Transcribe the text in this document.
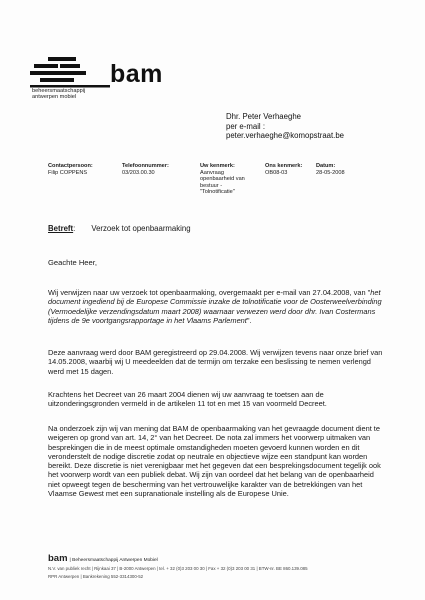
bam
beheersmaatschappij
antwerpen mobiel
Dhr. Peter Verhaeghe
per e-mail :
peter.verhaeghe@komopstraat.be
Contactpersoon:
Filip COPPENS
Telefoonnummer:
03/203.00.30
Uw kenmerk:
Aanvraag
openbaarheid van
bestuur -
"Tolnotificatie"
Ons kenmerk:
OB08-03
Datum:
28-05-2008
Betreft: Verzoek tot openbaarmaking
Geachte Heer,
Wij verwijzen naar uw verzoek tot openbaarmaking, overgemaakt per e-mail van 27.04.2008, van "het document ingediend bij de Europese Commissie inzake de tolnotificatie voor de Oosterweelverbinding (Vermoedelijke verzendingsdatum maart 2008) waarnaar verwezen werd door dhr. Ivan Costermans tijdens de 9e voortgangsrapportage in het Vlaams Parlement".
Deze aanvraag werd door BAM geregistreerd op 29.04.2008. Wij verwijzen tevens naar onze brief van 14.05.2008, waarbij wij U meedeelden dat de termijn om terzake een beslissing te nemen verlengd werd met 15 dagen.
Krachtens het Decreet van 26 maart 2004 dienen wij uw aanvraag te toetsen aan de uitzonderingsgronden vermeld in de artikelen 11 tot en met 15 van voormeld Decreet.
Na onderzoek zijn wij van mening dat BAM de openbaarmaking van het gevraagde document dient te weigeren op grond van art. 14, 2° van het Decreet. De nota zal immers het voorwerp uitmaken van besprekingen die in de meest optimale omstandigheden moeten gevoerd kunnen worden en dit veronderstelt de nodige discretie zodat op neutrale en objectieve wijze een standpunt kan worden bereikt. Deze discretie is niet verenigbaar met het gegeven dat een besprekingsdocument tegelijk ook het voorwerp wordt van een publiek debat. Wij zijn van oordeel dat het belang van de openbaarheid niet opweegt tegen de bescherming van het vertrouwelijke karakter van de betrekkingen van het Vlaamse Gewest met een supranationale instelling als de Europese Unie.
bam | Beheersmaatschappij Antwerpen Mobiel
N.V. van publiek recht | Rijnkaai 37 | B-2000 Antwerpen | tel. + 32 (0)3 203 00 30 | Fax + 32 (0)3 203 00 31 | BTW-nr. BE 860.139.085
RPR Antwerpen | Bankrekening 552-3314300-52
